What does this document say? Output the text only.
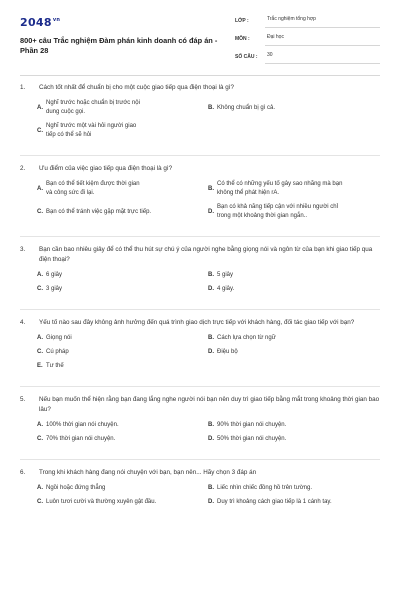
$2048^{vn}$
800+ câu Trắc nghiệm Đàm phán kinh doanh có đáp án - Phần 28
LỚP :	Trắc nghiệm tổng hợp
MÔN :	Đại học
SỐ CÂU :	30
1.	Cách tốt nhất để chuẩn bị cho một cuộc giao tiếp qua điện thoại là gì?
A.
Nghĩ trước hoặc chuẩn bị trước nội dung cuộc gọi.
B. Không chuẩn bị gì cả.
C.
Nghĩ trước một vài hỏi người giao tiếp có thể sẽ hỏi
2.	Ưu điểm của việc giao tiếp qua điện thoại là gì?
A.
Bạn có thể tiết kiệm được thời gian và công sức đi lại.
B.
Có thể có những yếu tố gây sao nhãng mà bạn không thể phát hiện rA.
C. Bạn có thể tránh việc gặp mặt trực tiếp.	D.
Bạn có khả năng tiếp cận với nhiều người chỉ trong một khoảng thời gian ngắn..
3.	Bạn cần bao nhiêu giây để có thể thu hút sự chú ý của người nghe bằng giọng nói và ngôn từ của bạn khi giao tiếp qua điện thoại?
A. 6 giây	B. 5 giây
C. 3 giây	D. 4 giây.
4.	Yếu tố nào sau đây không ảnh hưởng đến quá trình giao dịch trực tiếp với khách hàng, đối tác giao tiếp với bạn?
A. Giọng nói	B. Cách lựa chọn từ ngữ
C. Cú pháp	D. Điệu bộ
E. Tư thế
5.	Nếu bạn muốn thể hiện rằng bạn đang lắng nghe người nói bạn nên duy trì giao tiếp bằng mắt trong khoảng thời gian bao lâu?
A. 100% thời gian nói chuyện.	B. 90% thời gian nói chuyện.
C. 70% thời gian nói chuyện.	D. 50% thời gian nói chuyện.
6.	Trong khi khách hàng đang nói chuyện với bạn, bạn nên... Hãy chọn 3 đáp án
A. Ngồi hoặc đứng thẳng	B. Liếc nhìn chiếc đồng hồ trên tường.
C. Luôn tươi cười và thường xuyên gật đầu.	D. Duy trì khoảng cách giao tiếp là 1 cánh tay.
